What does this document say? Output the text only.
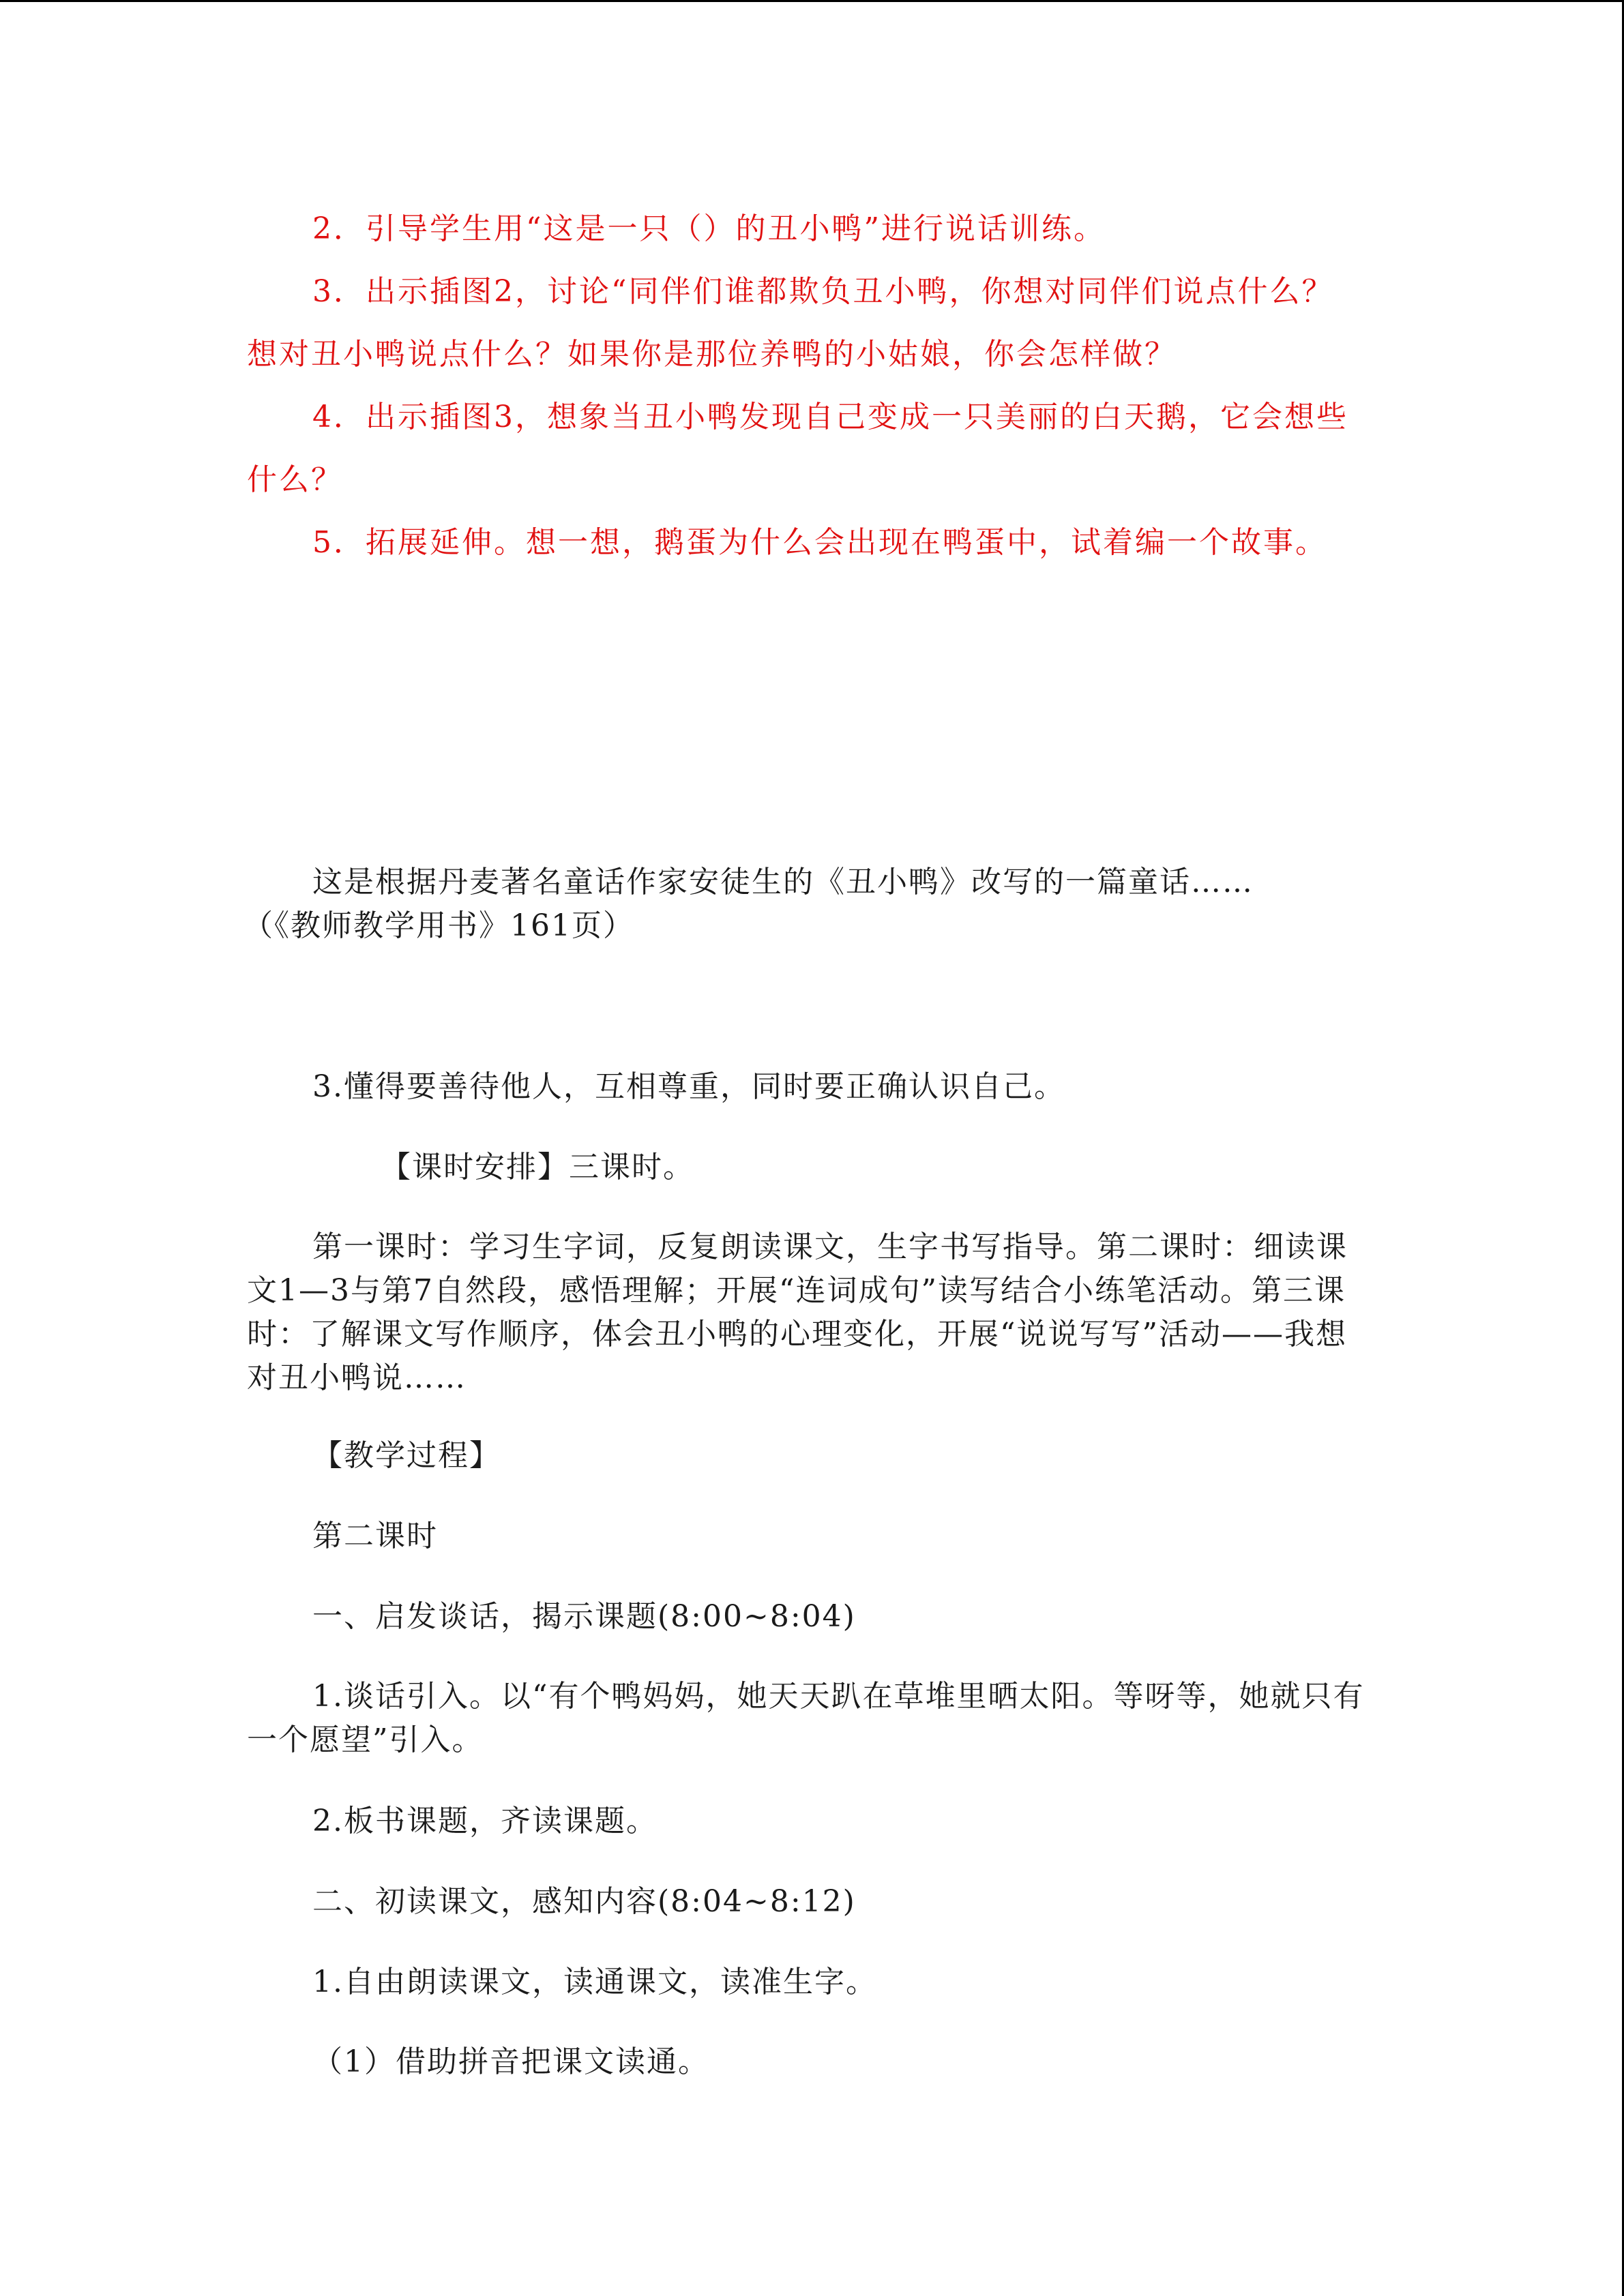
2．引导学生用“这是一只（）的丑小鸭”进行说话训练。

3．出示插图2，讨论“同伴们谁都欺负丑小鸭，你想对同伴们说点什么？想对丑小鸭说点什么？如果你是那位养鸭的小姑娘，你会怎样做？

4．出示插图3，想象当丑小鸭发现自己变成一只美丽的白天鹅，它会想些什么？

5．拓展延伸。想一想，鹅蛋为什么会出现在鸭蛋中，试着编一个故事。

这是根据丹麦著名童话作家安徒生的《丑小鸭》改写的一篇童话……

（《教师教学用书》161页）

3.懂得要善待他人，互相尊重，同时要正确认识自己。

【课时安排】三课时。

第一课时：学习生字词，反复朗读课文，生字书写指导。第二课时：细读课文1—3与第7自然段，感悟理解；开展“连词成句”读写结合小练笔活动。第三课时：了解课文写作顺序，体会丑小鸭的心理变化，开展“说说写写”活动——我想对丑小鸭说……

【教学过程】

第二课时

一、启发谈话，揭示课题(8:00~8:04)

1.谈话引入。以“有个鸭妈妈，她天天趴在草堆里晒太阳。等呀等，她就只有一个愿望”引入。

2.板书课题，齐读课题。

二、初读课文，感知内容(8:04~8:12)

1.自由朗读课文，读通课文，读准生字。

（1）借助拼音把课文读通。
